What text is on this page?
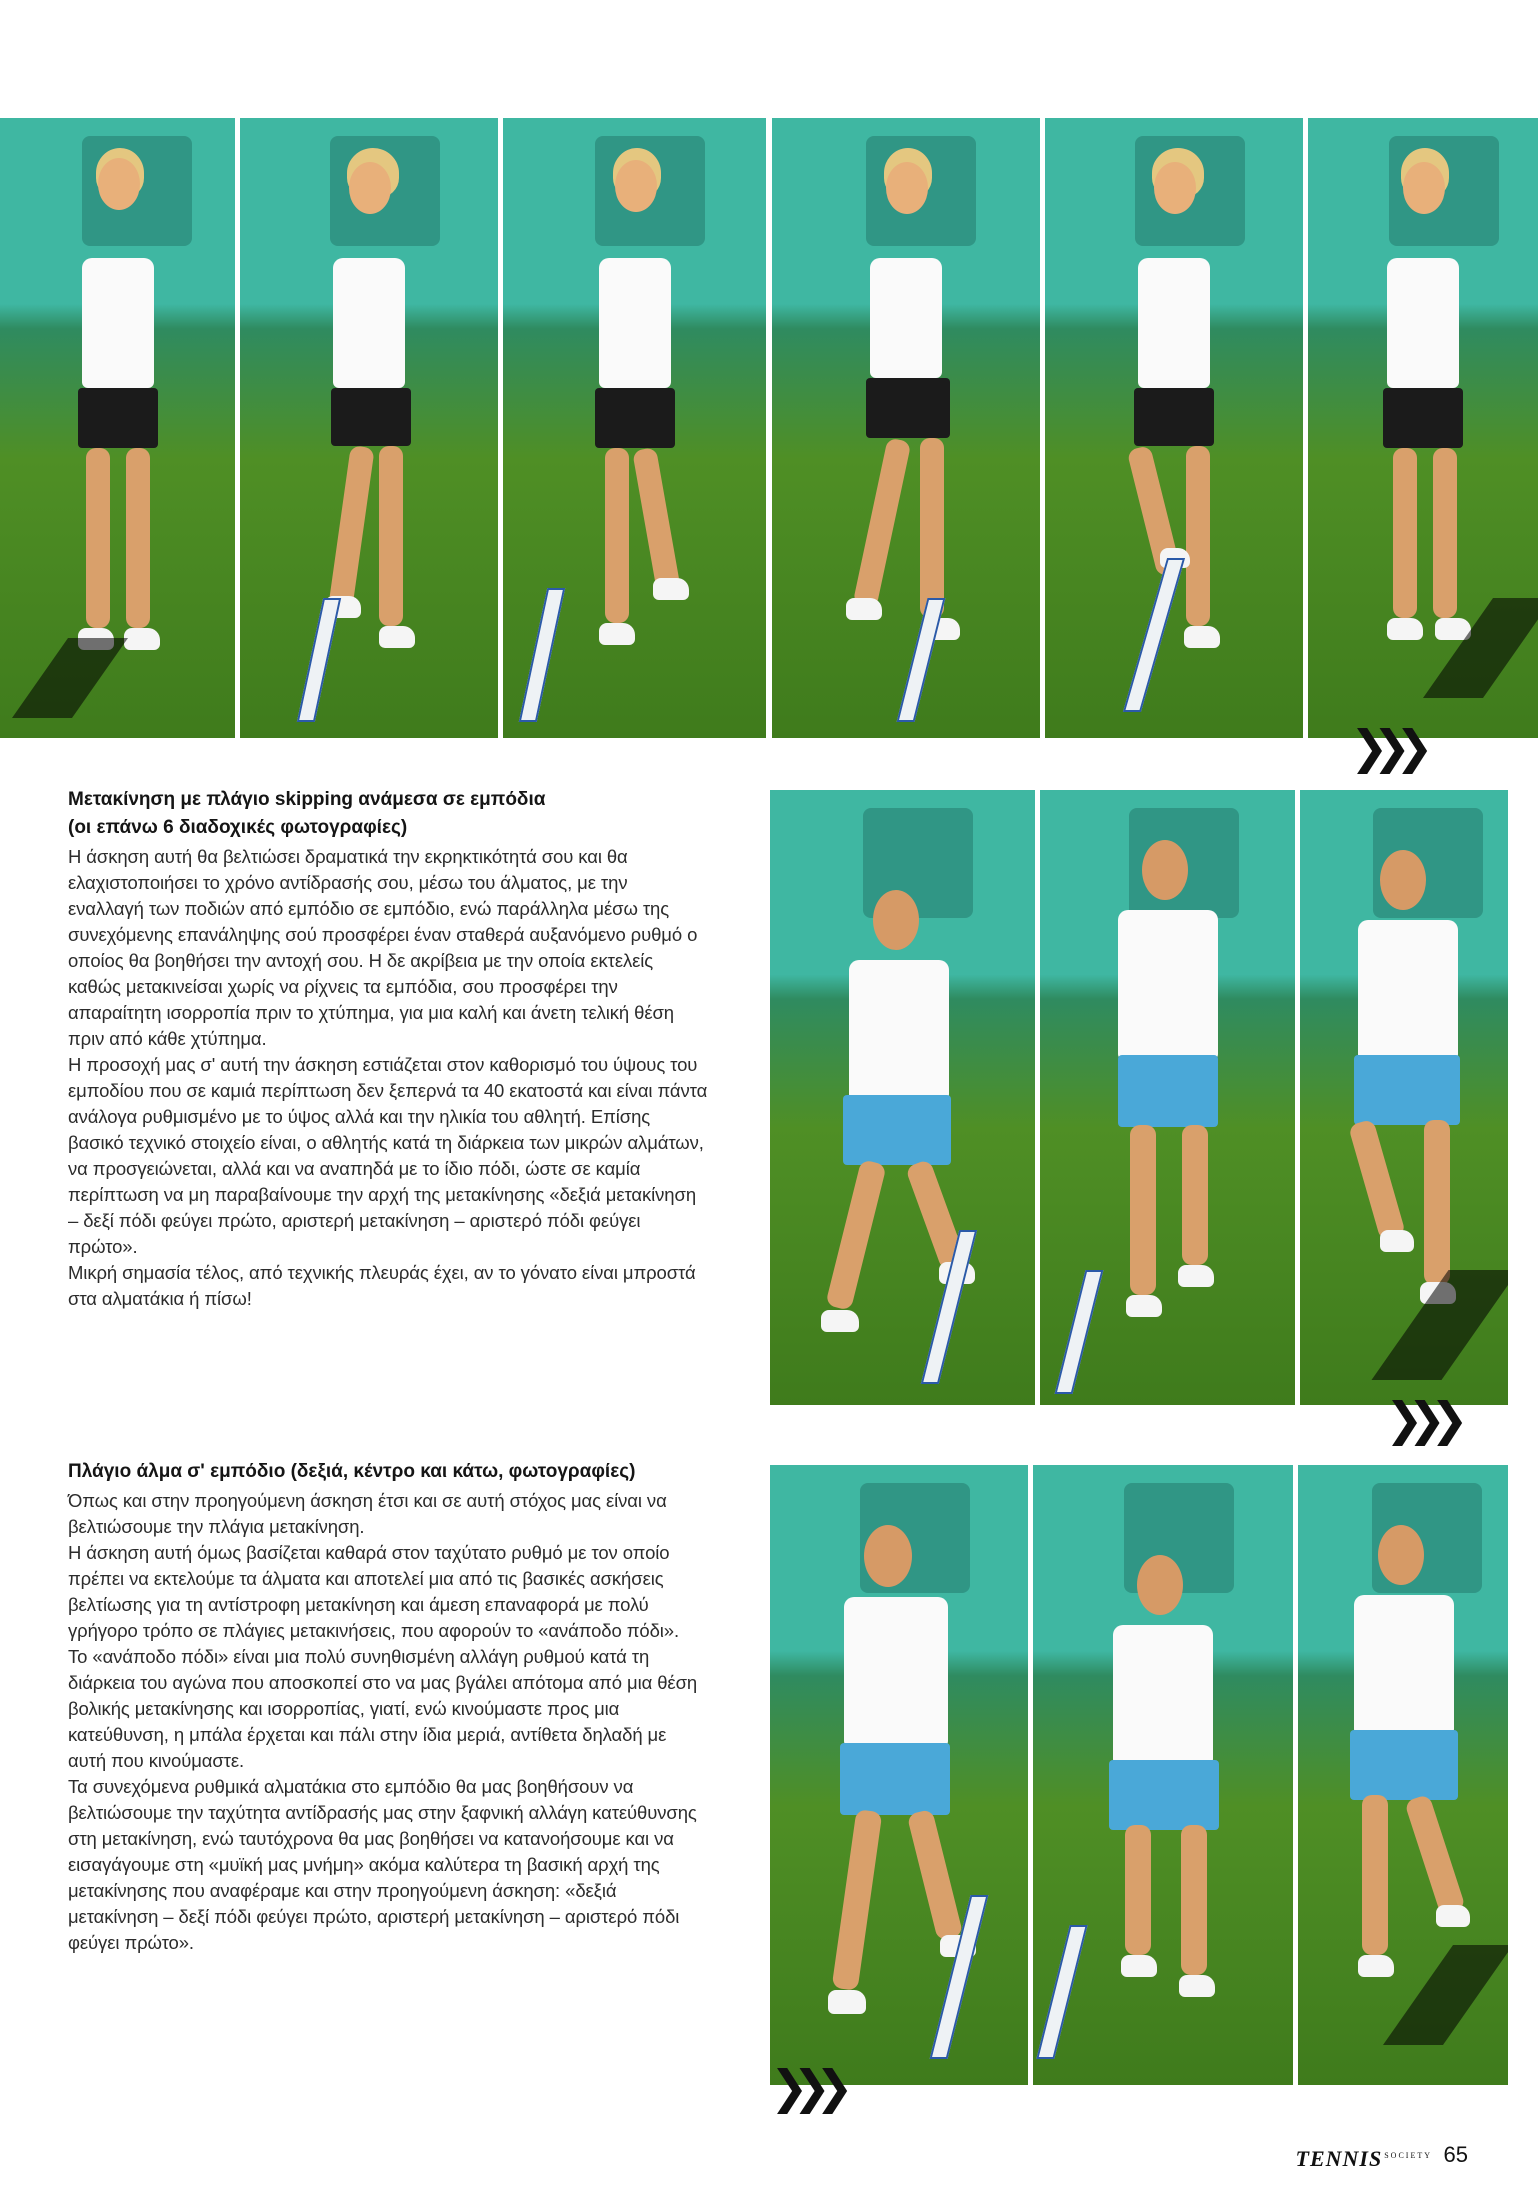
❯❯❯
❯❯❯
❯❯❯
Μετακίνηση με πλάγιο skipping ανάμεσα σε εμπόδια
(οι επάνω 6 διαδοχικές φωτογραφίες)

Η άσκηση αυτή θα βελτιώσει δραματικά την εκρηκτικότητά σου και θα ελαχιστοποιήσει το χρόνο αντίδρασής σου, μέσω του άλματος, με την εναλλαγή των ποδιών από εμπόδιο σε εμπόδιο, ενώ παράλληλα μέσω της συνεχόμενης επανάληψης σού προσφέρει έναν σταθερά αυξανόμενο ρυθμό ο οποίος θα βοηθήσει την αντοχή σου. Η δε ακρίβεια με την οποία εκτελείς καθώς μετακινείσαι χωρίς να ρίχνεις τα εμπόδια, σου προσφέρει την απαραίτητη ισορροπία πριν το χτύπημα, για μια καλή και άνετη τελική θέση πριν από κάθε χτύπημα.

Η προσοχή μας σ' αυτή την άσκηση εστιάζεται στον καθορισμό του ύψους του εμποδίου που σε καμιά περίπτωση δεν ξεπερνά τα 40 εκατοστά και είναι πάντα ανάλογα ρυθμισμένο με το ύψος αλλά και την ηλικία του αθλητή. Επίσης βασικό τεχνικό στοιχείο είναι, ο αθλητής κατά τη διάρκεια των μικρών αλμάτων, να προσγειώνεται, αλλά και να αναπηδά με το ίδιο πόδι, ώστε σε καμία περίπτωση να μη παραβαίνουμε την αρχή της μετακίνησης «δεξιά μετακίνηση – δεξί πόδι φεύγει πρώτο, αριστερή μετακίνηση – αριστερό πόδι φεύγει πρώτο».

Μικρή σημασία τέλος, από τεχνικής πλευράς έχει, αν το γόνατο είναι μπροστά στα αλματάκια ή πίσω!

Πλάγιο άλμα σ' εμπόδιο (δεξιά, κέντρο και κάτω, φωτογραφίες)

Όπως και στην προηγούμενη άσκηση έτσι και σε αυτή στόχος μας είναι να βελτιώσουμε την πλάγια μετακίνηση.

Η άσκηση αυτή όμως βασίζεται καθαρά στον ταχύτατο ρυθμό με τον οποίο πρέπει να εκτελούμε τα άλματα και αποτελεί μια από τις βασικές ασκήσεις βελτίωσης για τη αντίστροφη μετακίνηση και άμεση επαναφορά με πολύ γρήγορο τρόπο σε πλάγιες μετακινήσεις, που αφορούν το «ανάποδο πόδι».

Το «ανάποδο πόδι» είναι μια πολύ συνηθισμένη αλλάγη ρυθμού κατά τη διάρκεια του αγώνα που αποσκοπεί στο να μας βγάλει απότομα από μια θέση βολικής μετακίνησης και ισορροπίας, γιατί, ενώ κινούμαστε προς μια κατεύθυνση, η μπάλα έρχεται και πάλι στην ίδια μεριά, αντίθετα δηλαδή με αυτή που κινούμαστε.

Τα συνεχόμενα ρυθμικά αλματάκια στο εμπόδιο θα μας βοηθήσουν να βελτιώσουμε την ταχύτητα αντίδρασής μας στην ξαφνική αλλάγη κατεύθυνσης στη μετακίνηση, ενώ ταυτόχρονα θα μας βοηθήσει να κατανοήσουμε και να εισαγάγουμε στη «μυϊκή μας μνήμη» ακόμα καλύτερα τη βασική αρχή της μετακίνησης που αναφέραμε και στην προηγούμενη άσκηση: «δεξιά μετακίνηση – δεξί πόδι φεύγει πρώτο, αριστερή μετακίνηση – αριστερό πόδι φεύγει πρώτο».

TENNIS $^{SOCIETY}$ 65
